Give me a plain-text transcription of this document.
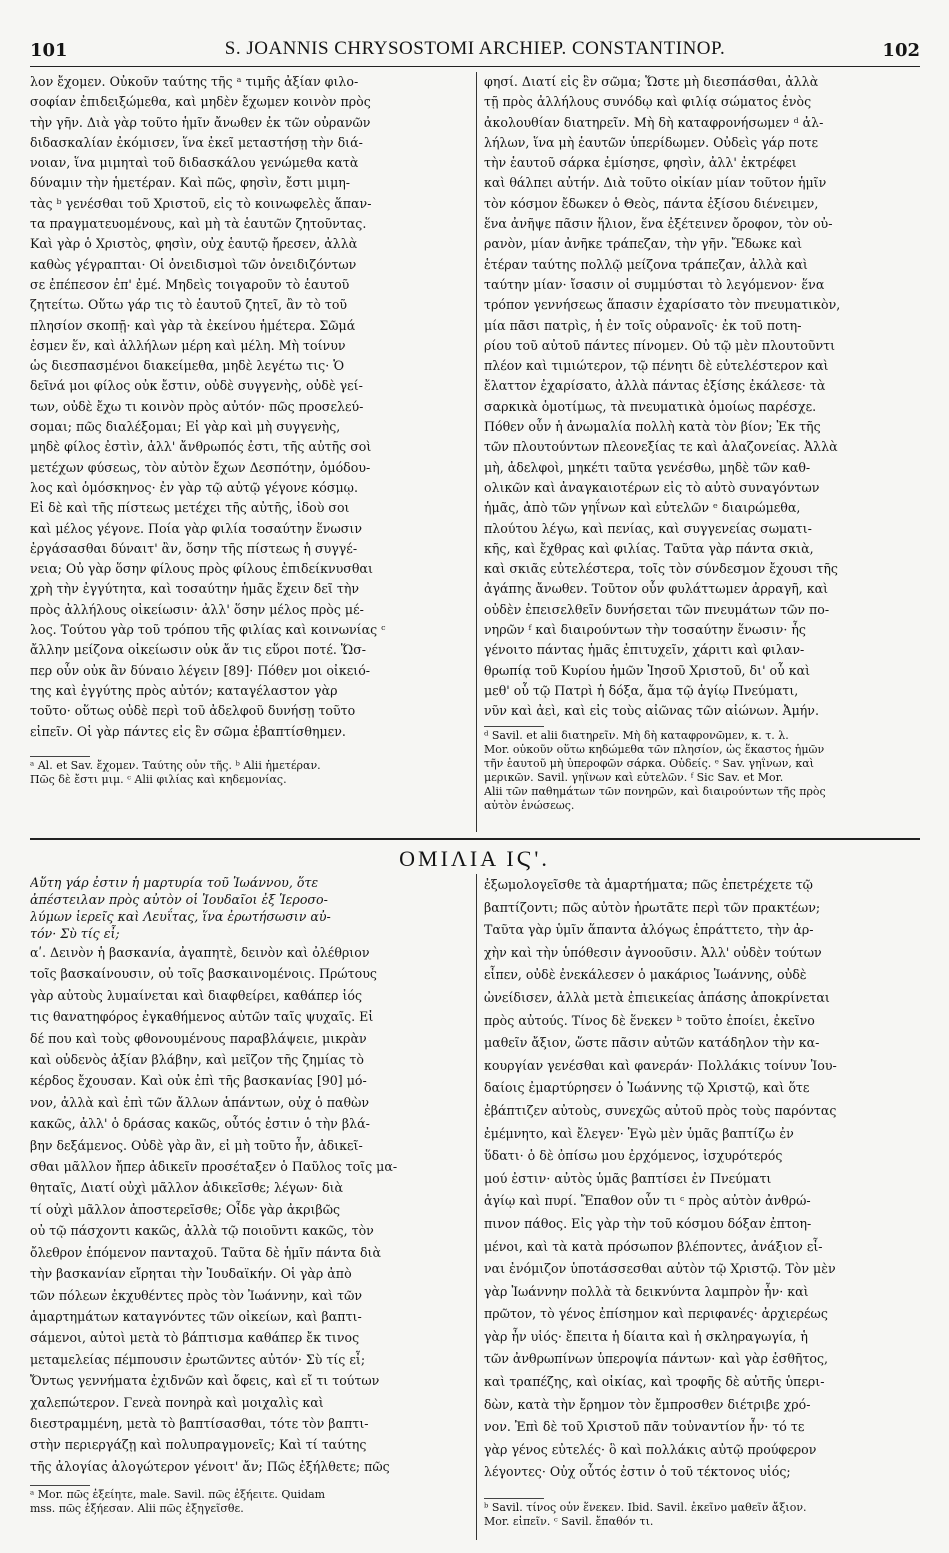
101	S. JOANNIS CHRYSOSTOMI ARCHIEP. CONSTANTINOP.	102
λον ἔχομεν. Οὐκοῦν ταύτης τῆς ᵃ τιμῆς ἀξίαν φιλο-
σοφίαν ἐπιδειξώμεθα, καὶ μηδὲν ἔχωμεν κοινὸν πρὸς
τὴν γῆν. Διὰ γὰρ τοῦτο ἡμῖν ἄνωθεν ἐκ τῶν οὐρανῶν
διδασκαλίαν ἐκόμισεν, ἵνα ἐκεῖ μεταστήσῃ τὴν διά-
νοιαν, ἵνα μιμηταὶ τοῦ διδασκάλου γενώμεθα κατὰ
δύναμιν τὴν ἡμετέραν. Καὶ πῶς, φησὶν, ἔστι μιμη-
τὰς ᵇ γενέσθαι τοῦ Χριστοῦ, εἰς τὸ κοινωφελὲς ἅπαν-
τα πραγματευομένους, καὶ μὴ τὰ ἑαυτῶν ζητοῦντας.
Καὶ γὰρ ὁ Χριστὸς, φησὶν, οὐχ ἑαυτῷ ἤρεσεν, ἀλλὰ
καθὼς γέγραπται· Οἱ ὀνειδισμοὶ τῶν ὀνειδιζόντων
σε ἐπέπεσον ἐπ' ἐμέ. Μηδεὶς τοιγαροῦν τὸ ἑαυτοῦ
ζητείτω. Οὕτω γάρ τις τὸ ἑαυτοῦ ζητεῖ, ἂν τὸ τοῦ
πλησίον σκοπῇ· καὶ γὰρ τὰ ἐκείνου ἡμέτερα. Σῶμά
ἐσμεν ἕν, καὶ ἀλλήλων μέρη καὶ μέλη. Μὴ τοίνυν
ὡς διεσπασμένοι διακείμεθα, μηδὲ λεγέτω τις· Ὁ
δεῖνά μοι φίλος οὐκ ἔστιν, οὐδὲ συγγενὴς, οὐδὲ γεί-
των, οὐδὲ ἔχω τι κοινὸν πρὸς αὐτόν· πῶς προσελεύ-
σομαι; πῶς διαλέξομαι; Εἰ γὰρ καὶ μὴ συγγενὴς,
μηδὲ φίλος ἐστὶν, ἀλλ' ἄνθρωπός ἐστι, τῆς αὐτῆς σοὶ
μετέχων φύσεως, τὸν αὐτὸν ἔχων Δεσπότην, ὁμόδου-
λος καὶ ὁμόσκηνος· ἐν γὰρ τῷ αὐτῷ γέγονε κόσμῳ.
Εἰ δὲ καὶ τῆς πίστεως μετέχει τῆς αὐτῆς, ἰδοὺ σοι
καὶ μέλος γέγονε. Ποία γὰρ φιλία τοσαύτην ἕνωσιν
ἐργάσασθαι δύναιτ' ἂν, ὅσην τῆς πίστεως ἡ συγγέ-
νεια; Οὐ γὰρ ὅσην φίλους πρὸς φίλους ἐπιδείκνυσθαι
χρὴ τὴν ἐγγύτητα, καὶ τοσαύτην ἡμᾶς ἔχειν δεῖ τὴν
πρὸς ἀλλήλους οἰκείωσιν· ἀλλ' ὅσην μέλος πρὸς μέ-
λος. Τούτου γὰρ τοῦ τρόπου τῆς φιλίας καὶ κοινωνίας ᶜ
ἄλλην μείζονα οἰκείωσιν οὐκ ἄν τις εὕροι ποτέ. Ὥσ-
περ οὖν οὐκ ἂν δύναιο λέγειν [89]· Πόθεν μοι οἰκειό-
της καὶ ἐγγύτης πρὸς αὐτόν; καταγέλαστον γὰρ
τοῦτο· οὕτως οὐδὲ περὶ τοῦ ἀδελφοῦ δυνήσῃ τοῦτο
εἰπεῖν. Οἱ γὰρ πάντες εἰς ἓν σῶμα ἐβαπτίσθημεν.
ᵃ Al. et Sav. ἔχομεν. Ταύτης οὖν τῆς. ᵇ Alii ἡμετέραν.
Πῶς δὲ ἔστι μιμ. ᶜ Alii φιλίας καὶ κηδεμονίας.
φησί. Διατί εἰς ἓν σῶμα; Ὥστε μὴ διεσπάσθαι, ἀλλὰ
τῇ πρὸς ἀλλήλους συνόδῳ καὶ φιλίᾳ σώματος ἑνὸς
ἀκολουθίαν διατηρεῖν. Μὴ δὴ καταφρονήσωμεν ᵈ ἀλ-
λήλων, ἵνα μὴ ἑαυτῶν ὑπερίδωμεν. Οὐδεὶς γάρ ποτε
τὴν ἑαυτοῦ σάρκα ἐμίσησε, φησὶν, ἀλλ' ἐκτρέφει
καὶ θάλπει αὐτήν. Διὰ τοῦτο οἰκίαν μίαν τοῦτον ἡμῖν
τὸν κόσμον ἔδωκεν ὁ Θεὸς, πάντα ἐξίσου διένειμεν,
ἕνα ἀνῆψε πᾶσιν ἥλιον, ἕνα ἐξέτεινεν ὄροφον, τὸν οὐ-
ρανὸν, μίαν ἀνῆκε τράπεζαν, τὴν γῆν. Ἔδωκε καὶ
ἑτέραν ταύτης πολλῷ μείζονα τράπεζαν, ἀλλὰ καὶ
ταύτην μίαν· ἴσασιν οἱ συμμύσται τὸ λεγόμενον· ἕνα
τρόπον γεννήσεως ἅπασιν ἐχαρίσατο τὸν πνευματικὸν,
μία πᾶσι πατρὶς, ἡ ἐν τοῖς οὐρανοῖς· ἐκ τοῦ ποτη-
ρίου τοῦ αὐτοῦ πάντες πίνομεν. Οὐ τῷ μὲν πλουτοῦντι
πλέον καὶ τιμιώτερον, τῷ πένητι δὲ εὐτελέστερον καὶ
ἔλαττον ἐχαρίσατο, ἀλλὰ πάντας ἐξίσης ἐκάλεσε· τὰ
σαρκικὰ ὁμοτίμως, τὰ πνευματικὰ ὁμοίως παρέσχε.
Πόθεν οὖν ἡ ἀνωμαλία πολλὴ κατὰ τὸν βίον; Ἐκ τῆς
τῶν πλουτούντων πλεονεξίας τε καὶ ἀλαζονείας. Ἀλλὰ
μὴ, ἀδελφοὶ, μηκέτι ταῦτα γενέσθω, μηδὲ τῶν καθ-
ολικῶν καὶ ἀναγκαιοτέρων εἰς τὸ αὐτὸ συναγόντων
ἡμᾶς, ἀπὸ τῶν γηΐνων καὶ εὐτελῶν ᵉ διαιρώμεθα,
πλούτου λέγω, καὶ πενίας, καὶ συγγενείας σωματι-
κῆς, καὶ ἔχθρας καὶ φιλίας. Ταῦτα γὰρ πάντα σκιὰ,
καὶ σκιᾶς εὐτελέστερα, τοῖς τὸν σύνδεσμον ἔχουσι τῆς
ἀγάπης ἄνωθεν. Τοῦτον οὖν φυλάττωμεν ἀρραγῆ, καὶ
οὐδὲν ἐπεισελθεῖν δυνήσεται τῶν πνευμάτων τῶν πο-
νηρῶν ᶠ καὶ διαιρούντων τὴν τοσαύτην ἕνωσιν· ἧς
γένοιτο πάντας ἡμᾶς ἐπιτυχεῖν, χάριτι καὶ φιλαν-
θρωπίᾳ τοῦ Κυρίου ἡμῶν Ἰησοῦ Χριστοῦ, δι' οὗ καὶ
μεθ' οὗ τῷ Πατρὶ ἡ δόξα, ἅμα τῷ ἁγίῳ Πνεύματι,
νῦν καὶ ἀεὶ, καὶ εἰς τοὺς αἰῶνας τῶν αἰώνων. Ἀμήν.
ᵈ Savil. et alii διατηρεῖν. Μὴ δὴ καταφρονῶμεν, κ. τ. λ.
Mor. οὐκοῦν οὕτω κηδώμεθα τῶν πλησίον, ὡς ἕκαστος ἡμῶν
τῆν ἑαυτοῦ μὴ ὑπεροφῶν σάρκα. Οὐδείς. ᵉ Sav. γηΐνων, καὶ
μερικῶν. Savil. γηΐνων καὶ εὐτελῶν. ᶠ Sic Sav. et Mor.
Alii τῶν παθημάτων τῶν πονηρῶν, καὶ διαιρούντων τῆς πρὸς
αὐτὸν ἑνώσεως.
ΟΜΙΛΙΑ ΙϚ'.
Αὕτη γάρ ἐστιν ἡ μαρτυρία τοῦ Ἰωάννου, ὅτε
ἀπέστειλαν πρὸς αὐτὸν οἱ Ἰουδαῖοι ἐξ Ἱεροσο-
λύμων ἱερεῖς καὶ Λευΐτας, ἵνα ἐρωτήσωσιν αὐ-
τόν· Σὺ τίς εἶ;
αʹ. Δεινὸν ἡ βασκανία, ἀγαπητὲ, δεινὸν καὶ ὀλέθριον
τοῖς βασκαίνουσιν, οὐ τοῖς βασκαινομένοις. Πρώτους
γὰρ αὐτοὺς λυμαίνεται καὶ διαφθείρει, καθάπερ ἰός
τις θανατηφόρος ἐγκαθήμενος αὐτῶν ταῖς ψυχαῖς. Εἰ
δέ που καὶ τοὺς φθονουμένους παραβλάψειε, μικρὰν
καὶ οὐδενὸς ἀξίαν βλάβην, καὶ μεῖζον τῆς ζημίας τὸ
κέρδος ἔχουσαν. Καὶ οὐκ ἐπὶ τῆς βασκανίας [90] μό-
νον, ἀλλὰ καὶ ἐπὶ τῶν ἄλλων ἁπάντων, οὐχ ὁ παθὼν
κακῶς, ἀλλ' ὁ δράσας κακῶς, οὗτός ἐστιν ὁ τὴν βλά-
βην δεξάμενος. Οὐδὲ γὰρ ἂν, εἰ μὴ τοῦτο ἦν, ἀδικεῖ-
σθαι μᾶλλον ἤπερ ἀδικεῖν προσέταξεν ὁ Παῦλος τοῖς μα-
θηταῖς, Διατί οὐχὶ μᾶλλον ἀδικεῖσθε; λέγων· διὰ
τί οὐχὶ μᾶλλον ἀποστερεῖσθε; Οἶδε γὰρ ἀκριβῶς
οὐ τῷ πάσχοντι κακῶς, ἀλλὰ τῷ ποιοῦντι κακῶς, τὸν
ὄλεθρον ἑπόμενον πανταχοῦ. Ταῦτα δὲ ἡμῖν πάντα διὰ
τὴν βασκανίαν εἴρηται τὴν Ἰουδαϊκήν. Οἱ γὰρ ἀπὸ
τῶν πόλεων ἐκχυθέντες πρὸς τὸν Ἰωάννην, καὶ τῶν
ἁμαρτημάτων καταγνόντες τῶν οἰκείων, καὶ βαπτι-
σάμενοι, αὐτοὶ μετὰ τὸ βάπτισμα καθάπερ ἔκ τινος
μεταμελείας πέμπουσιν ἐρωτῶντες αὐτόν· Σὺ τίς εἶ;
Ὄντως γεννήματα ἐχιδνῶν καὶ ὄφεις, καὶ εἴ τι τούτων
χαλεπώτερον. Γενεὰ πονηρὰ καὶ μοιχαλὶς καὶ
διεστραμμένη, μετὰ τὸ βαπτίσασθαι, τότε τὸν βαπτι-
στὴν περιεργάζῃ καὶ πολυπραγμονεῖς; Καὶ τί ταύτης
τῆς ἀλογίας ἀλογώτερον γένοιτ' ἄν; Πῶς ἐξήλθετε; πῶς
ᵃ Mor. πῶς ἐξείητε, male. Savil. πῶς ἐξήειτε. Quidam
mss. πῶς ἐξήεσαν. Alii πῶς ἐξηγεῖσθε.
ἐξωμολογεῖσθε τὰ ἁμαρτήματα; πῶς ἐπετρέχετε τῷ
βαπτίζοντι; πῶς αὐτὸν ἠρωτᾶτε περὶ τῶν πρακτέων;
Ταῦτα γὰρ ὑμῖν ἅπαντα ἀλόγως ἐπράττετο, τὴν ἀρ-
χὴν καὶ τὴν ὑπόθεσιν ἀγνοοῦσιν. Ἀλλ' οὐδὲν τούτων
εἶπεν, οὐδὲ ἐνεκάλεσεν ὁ μακάριος Ἰωάννης, οὐδὲ
ὠνείδισεν, ἀλλὰ μετὰ ἐπιεικείας ἁπάσης ἀποκρίνεται
πρὸς αὐτούς. Τίνος δὲ ἕνεκεν ᵇ τοῦτο ἐποίει, ἐκεῖνο
μαθεῖν ἄξιον, ὥστε πᾶσιν αὐτῶν κατάδηλον τὴν κα-
κουργίαν γενέσθαι καὶ φανεράν· Πολλάκις τοίνυν Ἰου-
δαίοις ἐμαρτύρησεν ὁ Ἰωάννης τῷ Χριστῷ, καὶ ὅτε
ἐβάπτιζεν αὐτοὺς, συνεχῶς αὐτοῦ πρὸς τοὺς παρόντας
ἐμέμνητο, καὶ ἔλεγεν· Ἐγὼ μὲν ὑμᾶς βαπτίζω ἐν
ὕδατι· ὁ δὲ ὀπίσω μου ἐρχόμενος, ἰσχυρότερός
μού ἐστιν· αὐτὸς ὑμᾶς βαπτίσει ἐν Πνεύματι
ἁγίῳ καὶ πυρί. Ἔπαθον οὖν τι ᶜ πρὸς αὐτὸν ἀνθρώ-
πινον πάθος. Εἰς γὰρ τὴν τοῦ κόσμου δόξαν ἐπτοη-
μένοι, καὶ τὰ κατὰ πρόσωπον βλέποντες, ἀνάξιον εἶ-
ναι ἐνόμιζον ὑποτάσσεσθαι αὐτὸν τῷ Χριστῷ. Τὸν μὲν
γὰρ Ἰωάννην πολλὰ τὰ δεικνύντα λαμπρὸν ἦν· καὶ
πρῶτον, τὸ γένος ἐπίσημον καὶ περιφανές· ἀρχιερέως
γὰρ ἦν υἱός· ἔπειτα ἡ δίαιτα καὶ ἡ σκληραγωγία, ἡ
τῶν ἀνθρωπίνων ὑπεροψία πάντων· καὶ γὰρ ἐσθῆτος,
καὶ τραπέζης, καὶ οἰκίας, καὶ τροφῆς δὲ αὐτῆς ὑπερι-
δὼν, κατὰ τὴν ἔρημον τὸν ἔμπροσθεν διέτριβε χρό-
νον. Ἐπὶ δὲ τοῦ Χριστοῦ πᾶν τοὐναντίον ἦν· τό τε
γὰρ γένος εὐτελές· ὃ καὶ πολλάκις αὐτῷ προύφερον
λέγοντες· Οὐχ οὗτός ἐστιν ὁ τοῦ τέκτονος υἱός;
ᵇ Savil. τίνος οὖν ἕνεκεν. Ibid. Savil. ἐκεῖνο μαθεῖν ἄξιον.
Mor. εἰπεῖν. ᶜ Savil. ἔπαθόν τι.
